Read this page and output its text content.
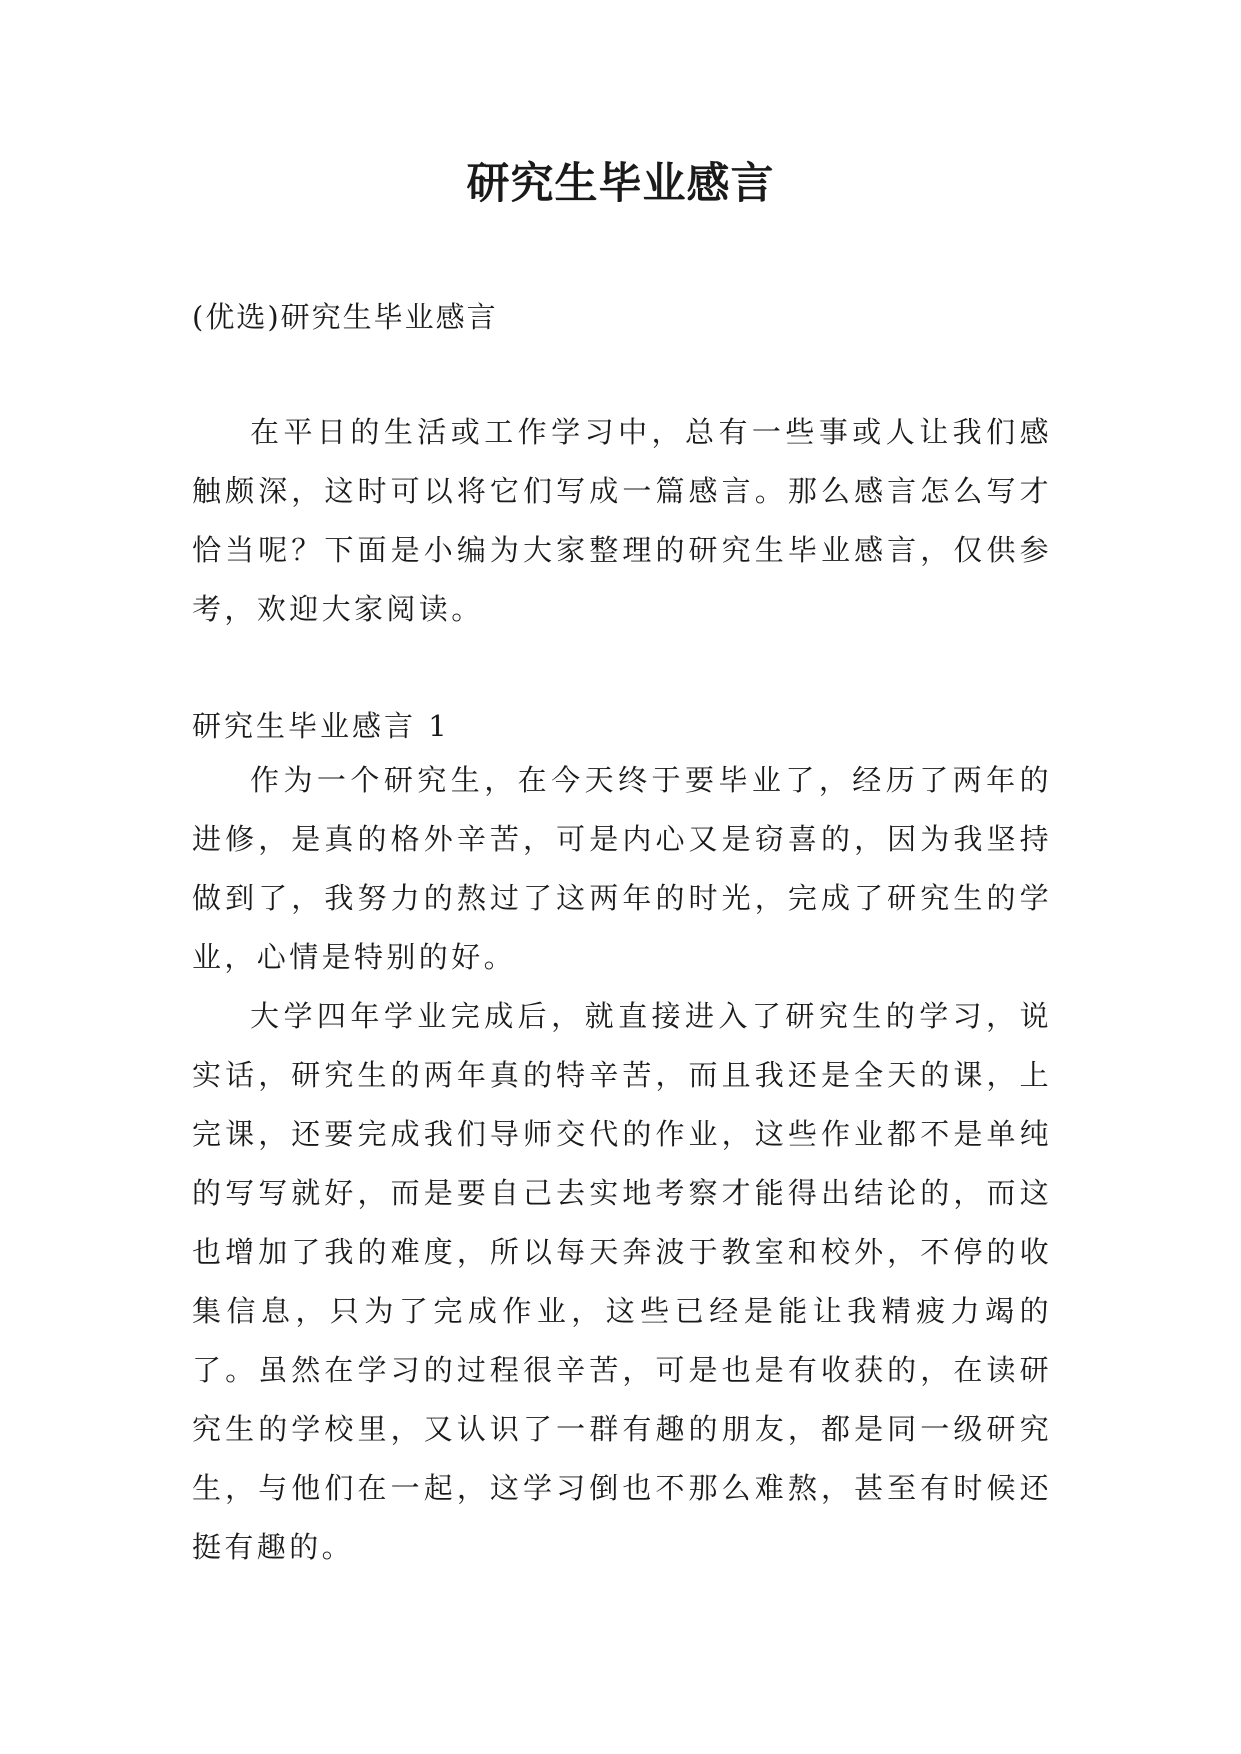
研究生毕业感言
(优选)研究生毕业感言

在平日的生活或工作学习中，总有一些事或人让我们感触颇深，这时可以将它们写成一篇感言。那么感言怎么写才恰当呢？下面是小编为大家整理的研究生毕业感言，仅供参考，欢迎大家阅读。

研究生毕业感言 1

作为一个研究生，在今天终于要毕业了，经历了两年的进修，是真的格外辛苦，可是内心又是窃喜的，因为我坚持做到了，我努力的熬过了这两年的时光，完成了研究生的学业，心情是特别的好。

大学四年学业完成后，就直接进入了研究生的学习，说实话，研究生的两年真的特辛苦，而且我还是全天的课，上完课，还要完成我们导师交代的作业，这些作业都不是单纯的写写就好，而是要自己去实地考察才能得出结论的，而这也增加了我的难度，所以每天奔波于教室和校外，不停的收集信息，只为了完成作业，这些已经是能让我精疲力竭的了。虽然在学习的过程很辛苦，可是也是有收获的，在读研究生的学校里，又认识了一群有趣的朋友，都是同一级研究生，与他们在一起，这学习倒也不那么难熬，甚至有时候还挺有趣的。
